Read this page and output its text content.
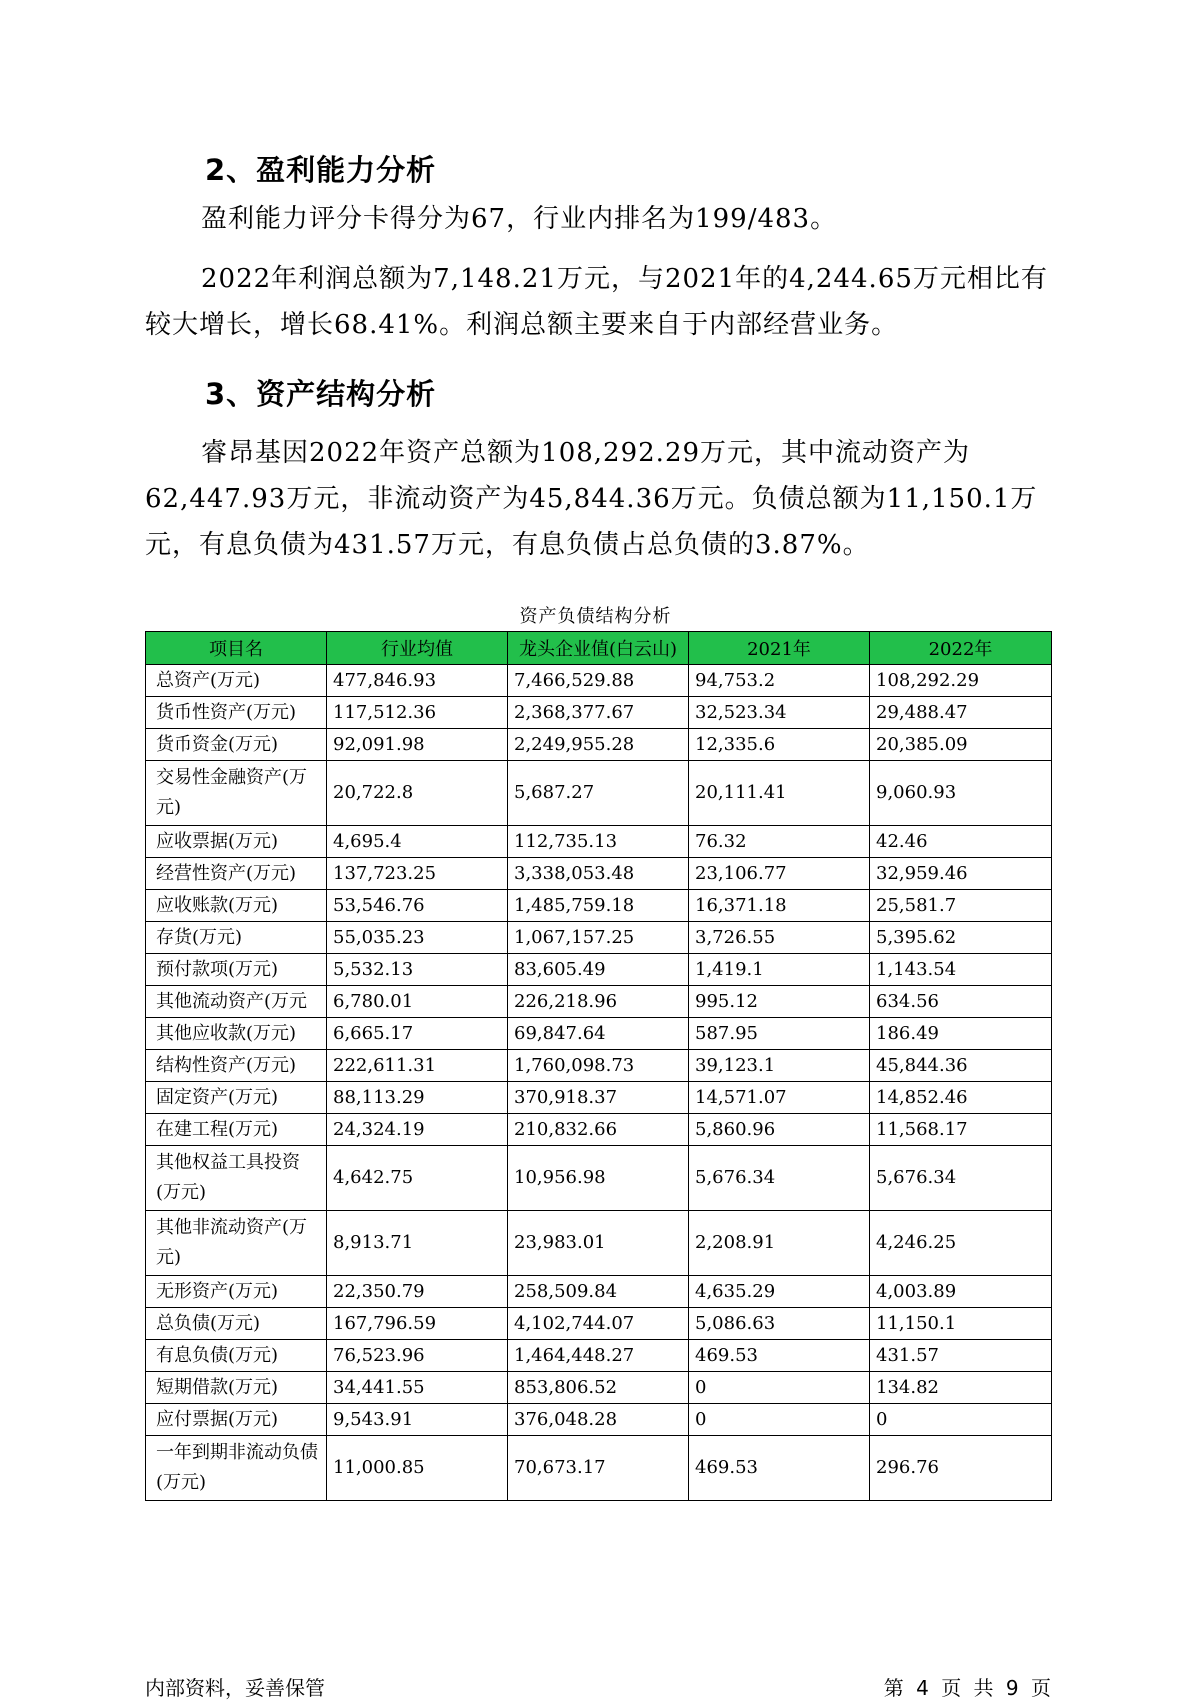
2、盈利能力分析

盈利能力评分卡得分为67，行业内排名为199/483。

2022年利润总额为7,148.21万元，与2021年的4,244.65万元相比有较大增长，增长68.41%。利润总额主要来自于内部经营业务。

3、资产结构分析

睿昂基因2022年资产总额为108,292.29万元，其中流动资产为62,447.93万元，非流动资产为45,844.36万元。负债总额为11,150.1万元，有息负债为431.57万元，有息负债占总负债的3.87%。

资产负债结构分析
项目名	行业均值	龙头企业值(白云山)	2021年	2022年
总资产(万元)	477,846.93	7,466,529.88	94,753.2	108,292.29
货币性资产(万元)	117,512.36	2,368,377.67	32,523.34	29,488.47
货币资金(万元)	92,091.98	2,249,955.28	12,335.6	20,385.09
交易性金融资产(万元)	20,722.8	5,687.27	20,111.41	9,060.93
应收票据(万元)	4,695.4	112,735.13	76.32	42.46
经营性资产(万元)	137,723.25	3,338,053.48	23,106.77	32,959.46
应收账款(万元)	53,546.76	1,485,759.18	16,371.18	25,581.7
存货(万元)	55,035.23	1,067,157.25	3,726.55	5,395.62
预付款项(万元)	5,532.13	83,605.49	1,419.1	1,143.54
其他流动资产(万元	6,780.01	226,218.96	995.12	634.56
其他应收款(万元)	6,665.17	69,847.64	587.95	186.49
结构性资产(万元)	222,611.31	1,760,098.73	39,123.1	45,844.36
固定资产(万元)	88,113.29	370,918.37	14,571.07	14,852.46
在建工程(万元)	24,324.19	210,832.66	5,860.96	11,568.17
其他权益工具投资(万元)	4,642.75	10,956.98	5,676.34	5,676.34
其他非流动资产(万元)	8,913.71	23,983.01	2,208.91	4,246.25
无形资产(万元)	22,350.79	258,509.84	4,635.29	4,003.89
总负债(万元)	167,796.59	4,102,744.07	5,086.63	11,150.1
有息负债(万元)	76,523.96	1,464,448.27	469.53	431.57
短期借款(万元)	34,441.55	853,806.52	0	134.82
应付票据(万元)	9,543.91	376,048.28	0	0
一年到期非流动负债(万元)	11,000.85	70,673.17	469.53	296.76
内部资料，妥善保管	第 4 页 共 9 页
